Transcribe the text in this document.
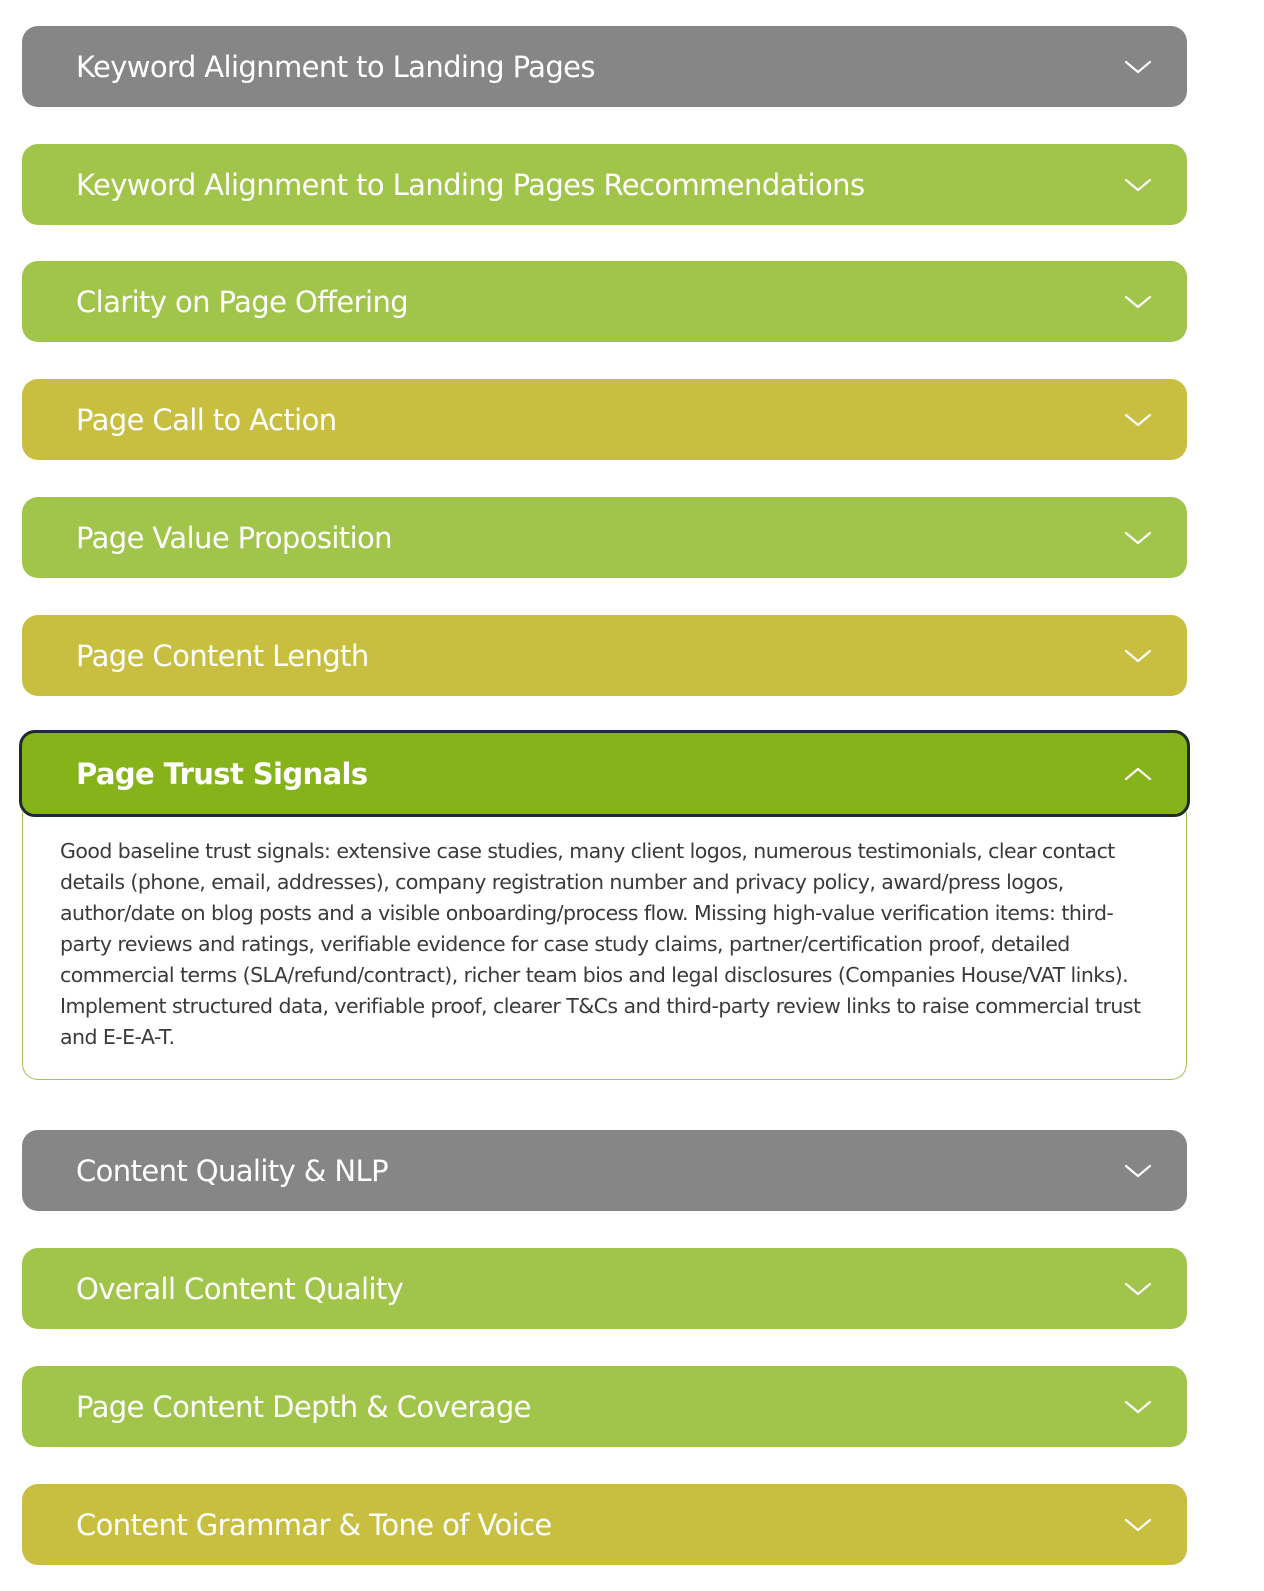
Keyword Alignment to Landing Pages
Keyword Alignment to Landing Pages Recommendations
Clarity on Page Offering
Page Call to Action
Page Value Proposition
Page Content Length
Page Trust Signals

Good baseline trust signals: extensive case studies, many client logos, numerous testimonials, clear contact details (phone, email, addresses), company registration number and privacy policy, award/press logos, author/date on blog posts and a visible onboarding/process flow. Missing high-value verification items: third-party reviews and ratings, verifiable evidence for case study claims, partner/certification proof, detailed commercial terms (SLA/refund/contract), richer team bios and legal disclosures (Companies House/VAT links). Implement structured data, verifiable proof, clearer T&Cs and third-party review links to raise commercial trust and E-E-A-T.

Content Quality & NLP
Overall Content Quality
Page Content Depth & Coverage
Content Grammar & Tone of Voice
